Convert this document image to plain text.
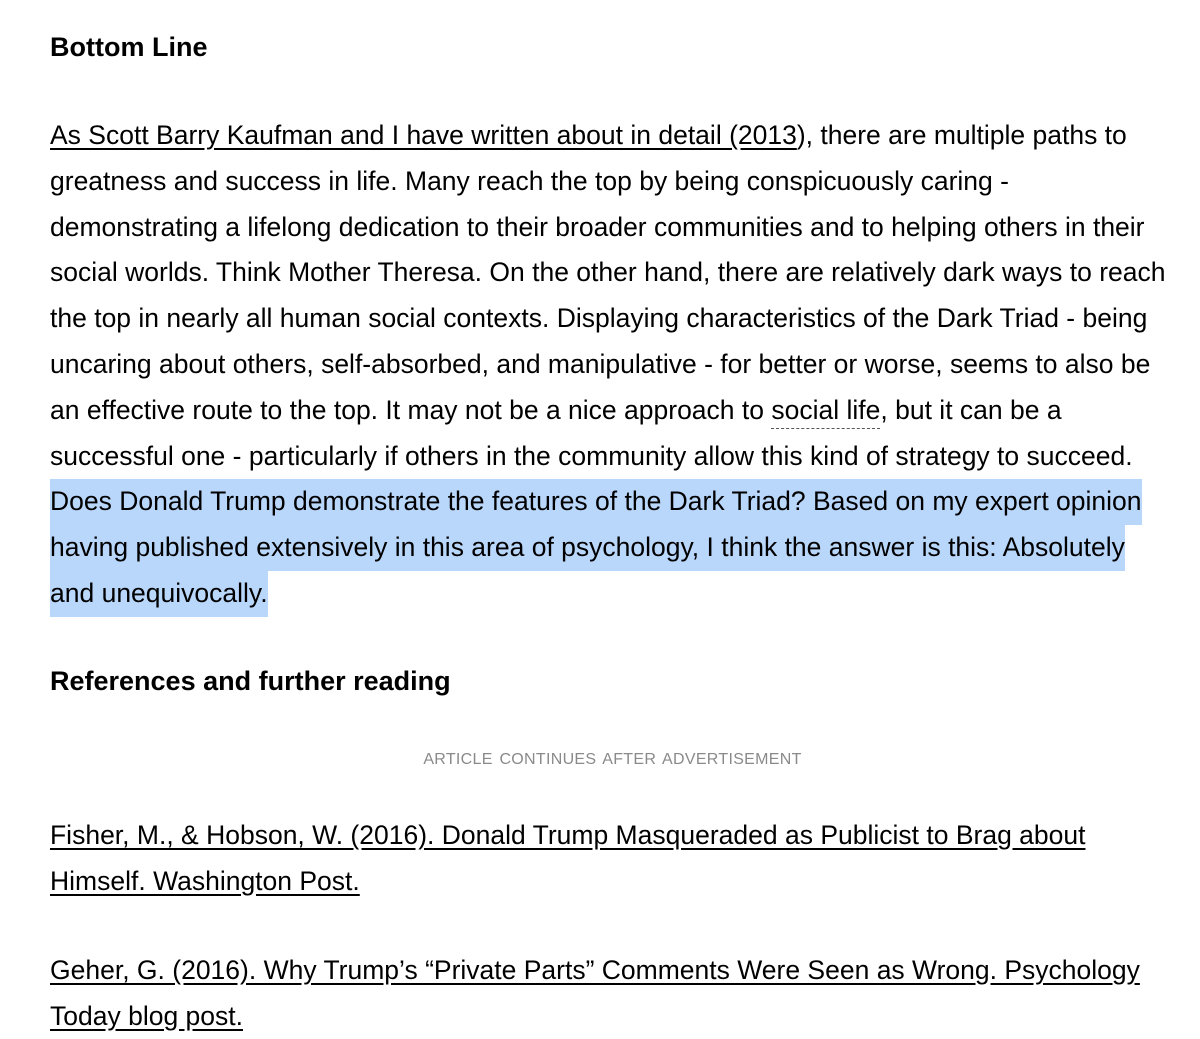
Bottom Line

As Scott Barry Kaufman and I have written about in detail (2013), there are multiple paths to greatness and success in life. Many reach the top by being conspicuously caring - demonstrating a lifelong dedication to their broader communities and to helping others in their social worlds. Think Mother Theresa. On the other hand, there are relatively dark ways to reach the top in nearly all human social contexts. Displaying characteristics of the Dark Triad - being uncaring about others, self-absorbed, and manipulative - for better or worse, seems to also be an effective route to the top. It may not be a nice approach to social life, but it can be a successful one - particularly if others in the community allow this kind of strategy to succeed. Does Donald Trump demonstrate the features of the Dark Triad? Based on my expert opinion having published extensively in this area of psychology, I think the answer is this: Absolutely and unequivocally.

References and further reading

ARTICLE CONTINUES AFTER ADVERTISEMENT

Fisher, M., & Hobson, W. (2016). Donald Trump Masqueraded as Publicist to Brag about Himself. Washington Post.

Geher, G. (2016). Why Trump’s “Private Parts” Comments Were Seen as Wrong. Psychology Today blog post.
